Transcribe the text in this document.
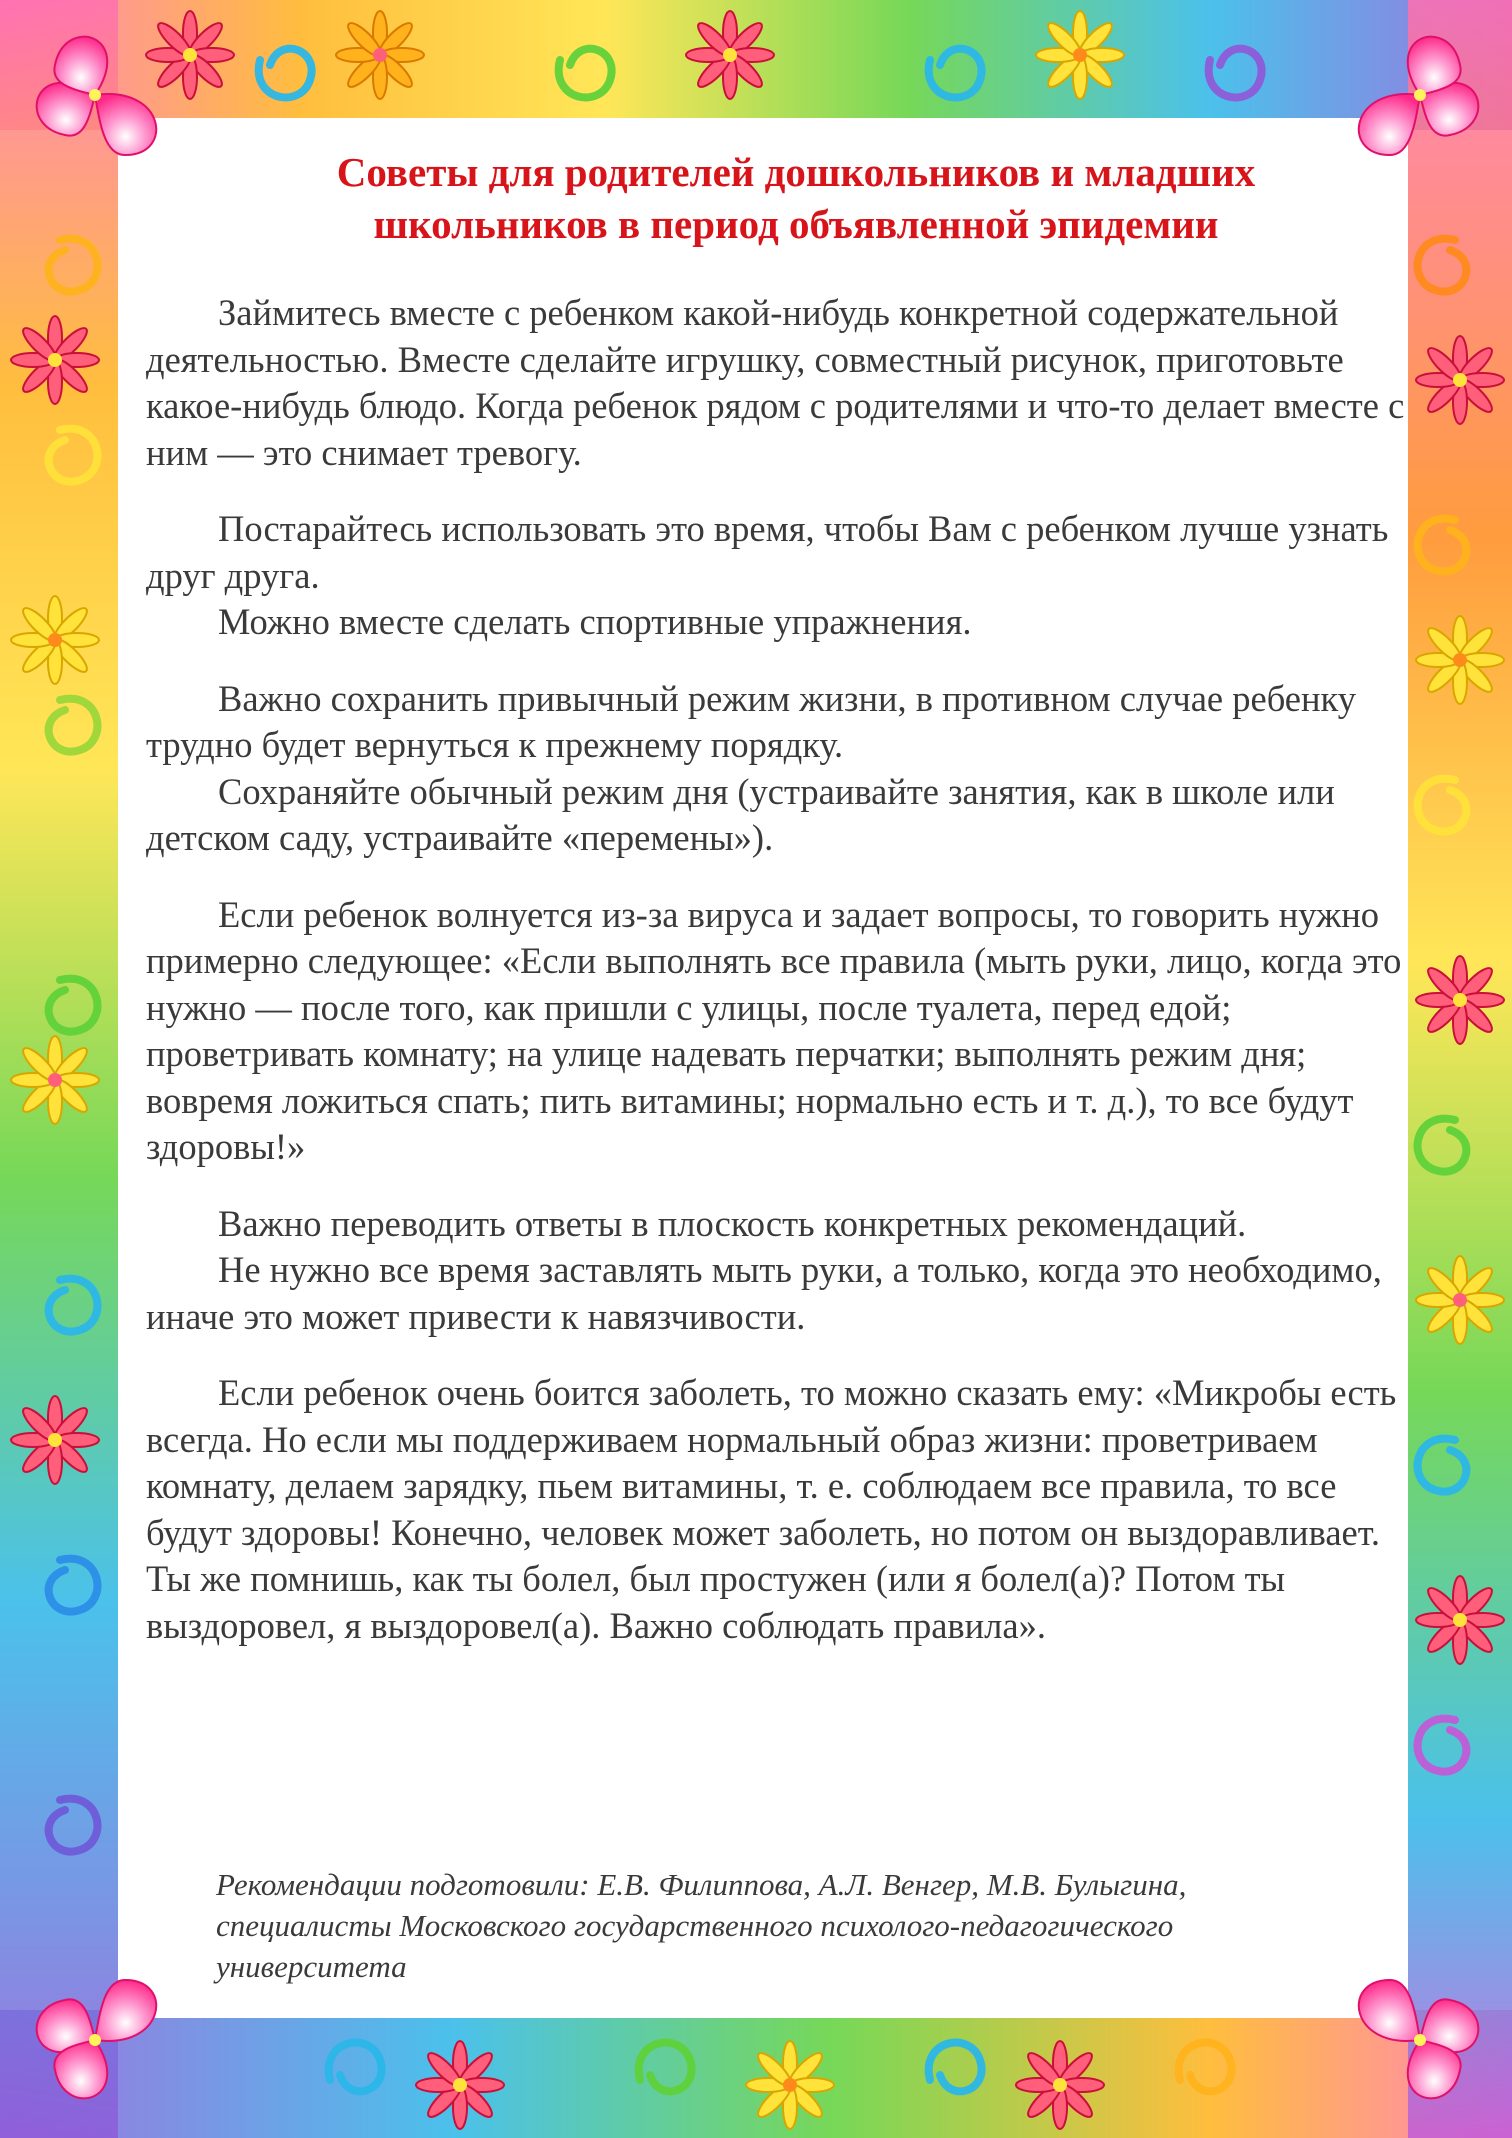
Советы для родителей дошкольников и младших
школьников в период объявленной эпидемии

Займитесь вместе с ребенком какой-нибудь конкретной содержательной деятельностью. Вместе сделайте игрушку, совместный рисунок, приготовьте какое-нибудь блюдо. Когда ребенок рядом с родителями и что-то делает вместе с ним — это снимает тревогу.

Постарайтесь использовать это время, чтобы Вам с ребенком лучше узнать друг друга.

Можно вместе сделать спортивные упражнения.

Важно сохранить привычный режим жизни, в противном случае ребенку трудно будет вернуться к прежнему порядку.

Сохраняйте обычный режим дня (устраивайте занятия, как в школе или детском саду, устраивайте «перемены»).

Если ребенок волнуется из-за вируса и задает вопросы, то говорить нужно примерно следующее: «Если выполнять все правила (мыть руки, лицо, когда это нужно — после того, как пришли с улицы, после туалета, перед едой; проветривать комнату; на улице надевать перчатки; выполнять режим дня; вовремя ложиться спать; пить витамины; нормально есть и т. д.), то все будут здоровы!»

Важно переводить ответы в плоскость конкретных рекомендаций.

Не нужно все время заставлять мыть руки, а только, когда это необходимо, иначе это может привести к навязчивости.

Если ребенок очень боится заболеть, то можно сказать ему: «Микробы есть всегда. Но если мы поддерживаем нормальный образ жизни: проветриваем комнату, делаем зарядку, пьем витамины, т. е. соблюдаем все правила, то все будут здоровы! Конечно, человек может заболеть, но потом он выздоравливает. Ты же помнишь, как ты болел, был простужен (или я болел(а)? Потом ты выздоровел, я выздоровел(а). Важно соблюдать правила».

Рекомендации подготовили: Е.В. Филиппова, А.Л. Венгер, М.В. Булыгина,
специалисты Московского государственного психолого-педагогического
университета
